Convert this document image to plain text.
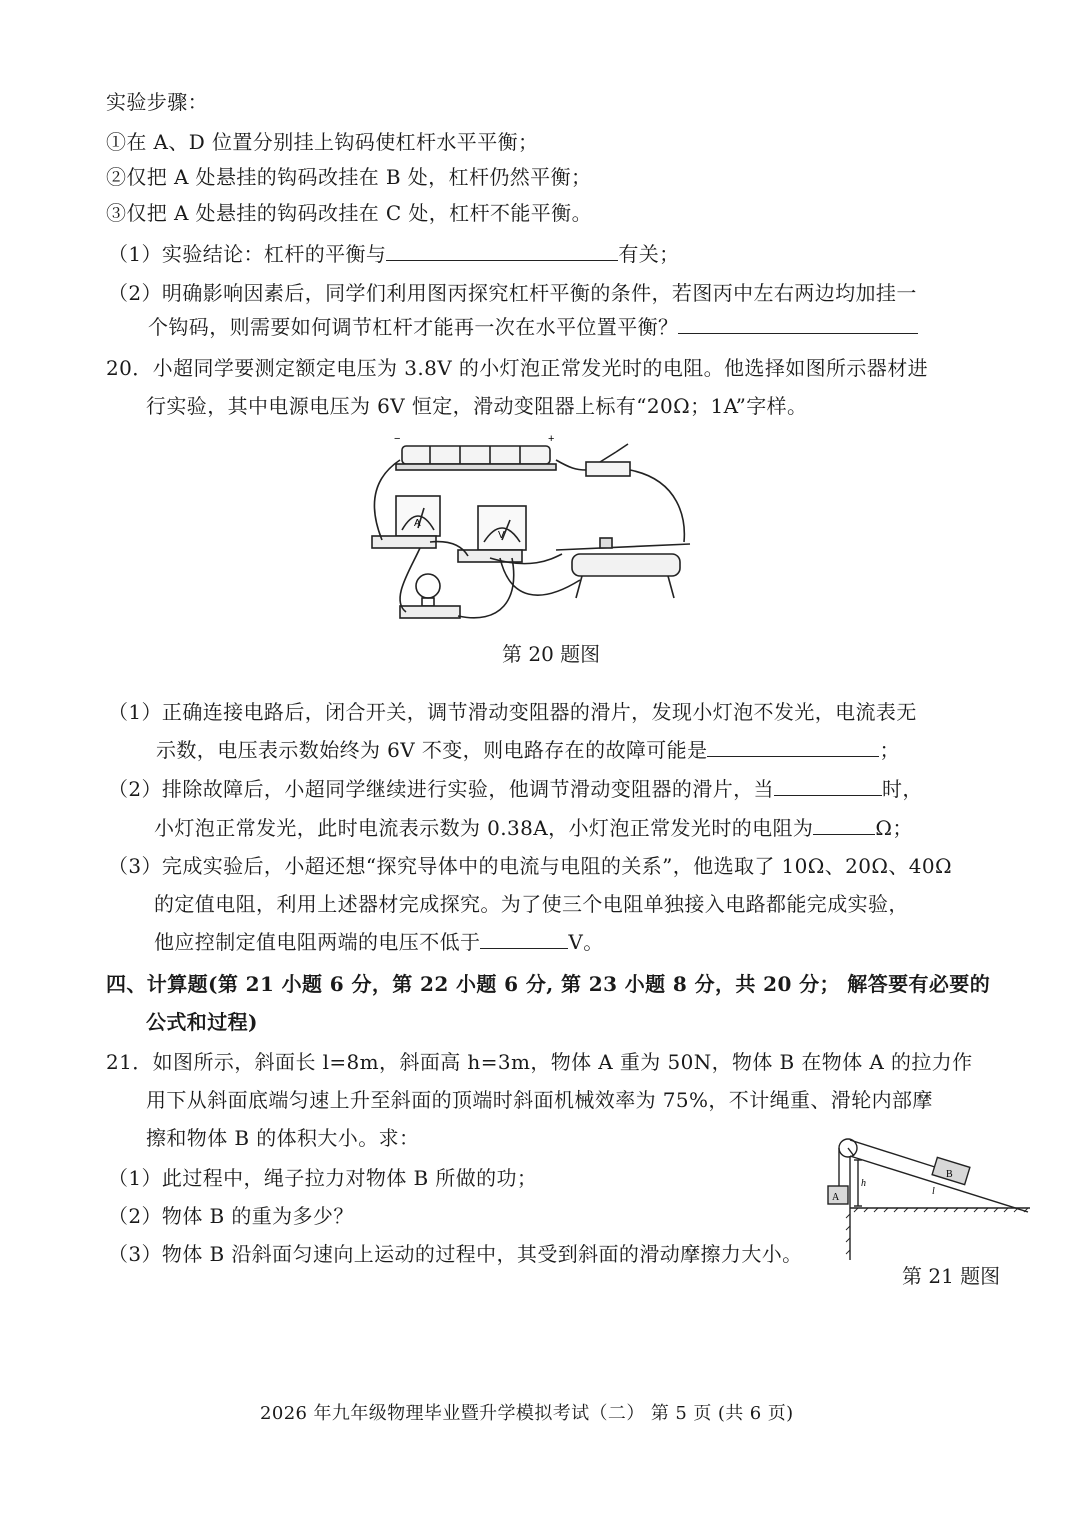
实验步骤：
①在 A、D 位置分别挂上钩码使杠杆水平平衡；
②仅把 A 处悬挂的钩码改挂在 B 处，杠杆仍然平衡；
③仅把 A 处悬挂的钩码改挂在 C 处，杠杆不能平衡。
（1）实验结论：杠杆的平衡与	有关；
（2）明确影响因素后，同学们利用图丙探究杠杆平衡的条件，若图丙中左右两边均加挂一
个钩码，则需要如何调节杠杆才能再一次在水平位置平衡？
20．小超同学要测定额定电压为 3.8V 的小灯泡正常发光时的电阻。他选择如图所示器材进
行实验，其中电源电压为 6V 恒定，滑动变阻器上标有“20Ω；1A”字样。
A
V
−	+
第 20 题图
（1）正确连接电路后，闭合开关，调节滑动变阻器的滑片，发现小灯泡不发光，电流表无
示数，电压表示数始终为 6V 不变，则电路存在的故障可能是	；
（2）排除故障后，小超同学继续进行实验，他调节滑动变阻器的滑片，当	时，
小灯泡正常发光，此时电流表示数为 0.38A，小灯泡正常发光时的电阻为	Ω；
（3）完成实验后，小超还想“探究导体中的电流与电阻的关系”，他选取了 10Ω、20Ω、40Ω
的定值电阻，利用上述器材完成探究。为了使三个电阻单独接入电路都能完成实验，
他应控制定值电阻两端的电压不低于	V。
四、计算题(第 21 小题 6 分，第 22 小题 6 分, 第 23 小题 8 分，共 20 分； 解答要有必要的
公式和过程)
21．如图所示，斜面长 l=8m，斜面高 h=3m，物体 A 重为 50N，物体 B 在物体 A 的拉力作
用下从斜面底端匀速上升至斜面的顶端时斜面机械效率为 75%，不计绳重、滑轮内部摩
擦和物体 B 的体积大小。求：
（1）此过程中，绳子拉力对物体 B 所做的功；
（2）物体 B 的重为多少？
（3）物体 B 沿斜面匀速向上运动的过程中，其受到斜面的滑动摩擦力大小。
A
B
h
l
第 21 题图
2026 年九年级物理毕业暨升学模拟考试（二） 第 5 页 (共 6 页)
